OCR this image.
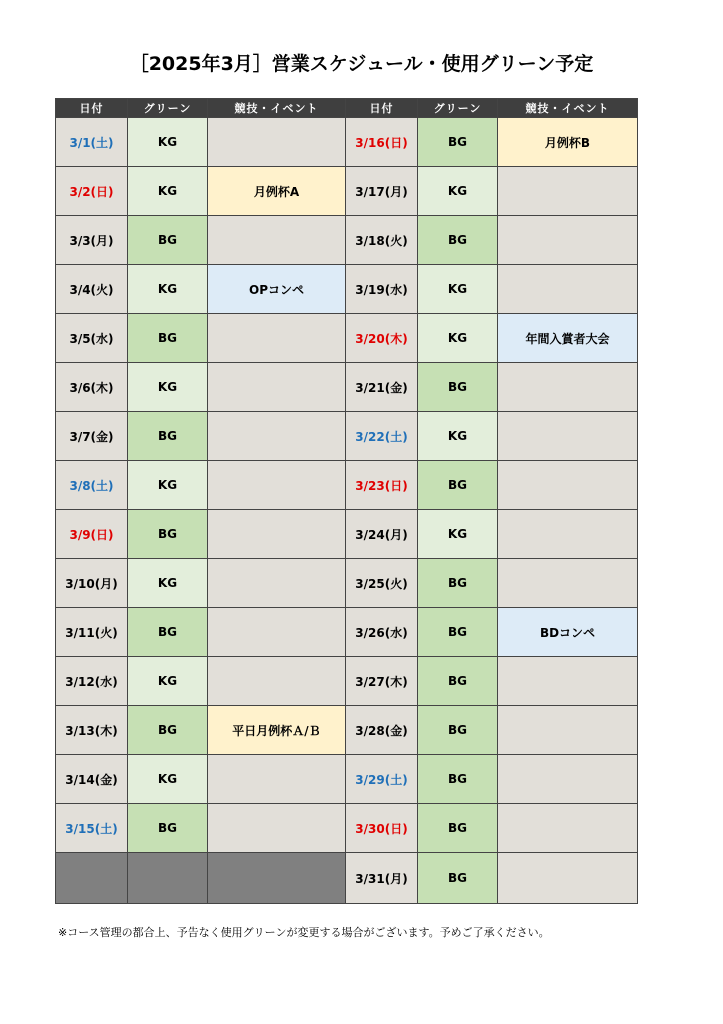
［2025年3月］営業スケジュール・使用グリーン予定
日付	グリーン	競技・イベント	日付	グリーン	競技・イベント
3/1(土)	KG		3/16(日)	BG	月例杯B
3/2(日)	KG	月例杯A	3/17(月)	KG	
3/3(月)	BG		3/18(火)	BG	
3/4(火)	KG	OPコンペ	3/19(水)	KG	
3/5(水)	BG		3/20(木)	KG	年間入賞者大会
3/6(木)	KG		3/21(金)	BG	
3/7(金)	BG		3/22(土)	KG	
3/8(土)	KG		3/23(日)	BG	
3/9(日)	BG		3/24(月)	KG	
3/10(月)	KG		3/25(火)	BG	
3/11(火)	BG		3/26(水)	BG	BDコンペ
3/12(水)	KG		3/27(木)	BG	
3/13(木)	BG	平日月例杯Ａ/Ｂ	3/28(金)	BG	
3/14(金)	KG		3/29(土)	BG	
3/15(土)	BG		3/30(日)	BG	
			3/31(月)	BG	
※コース管理の都合上、予告なく使用グリーンが変更する場合がございます。予めご了承ください。
